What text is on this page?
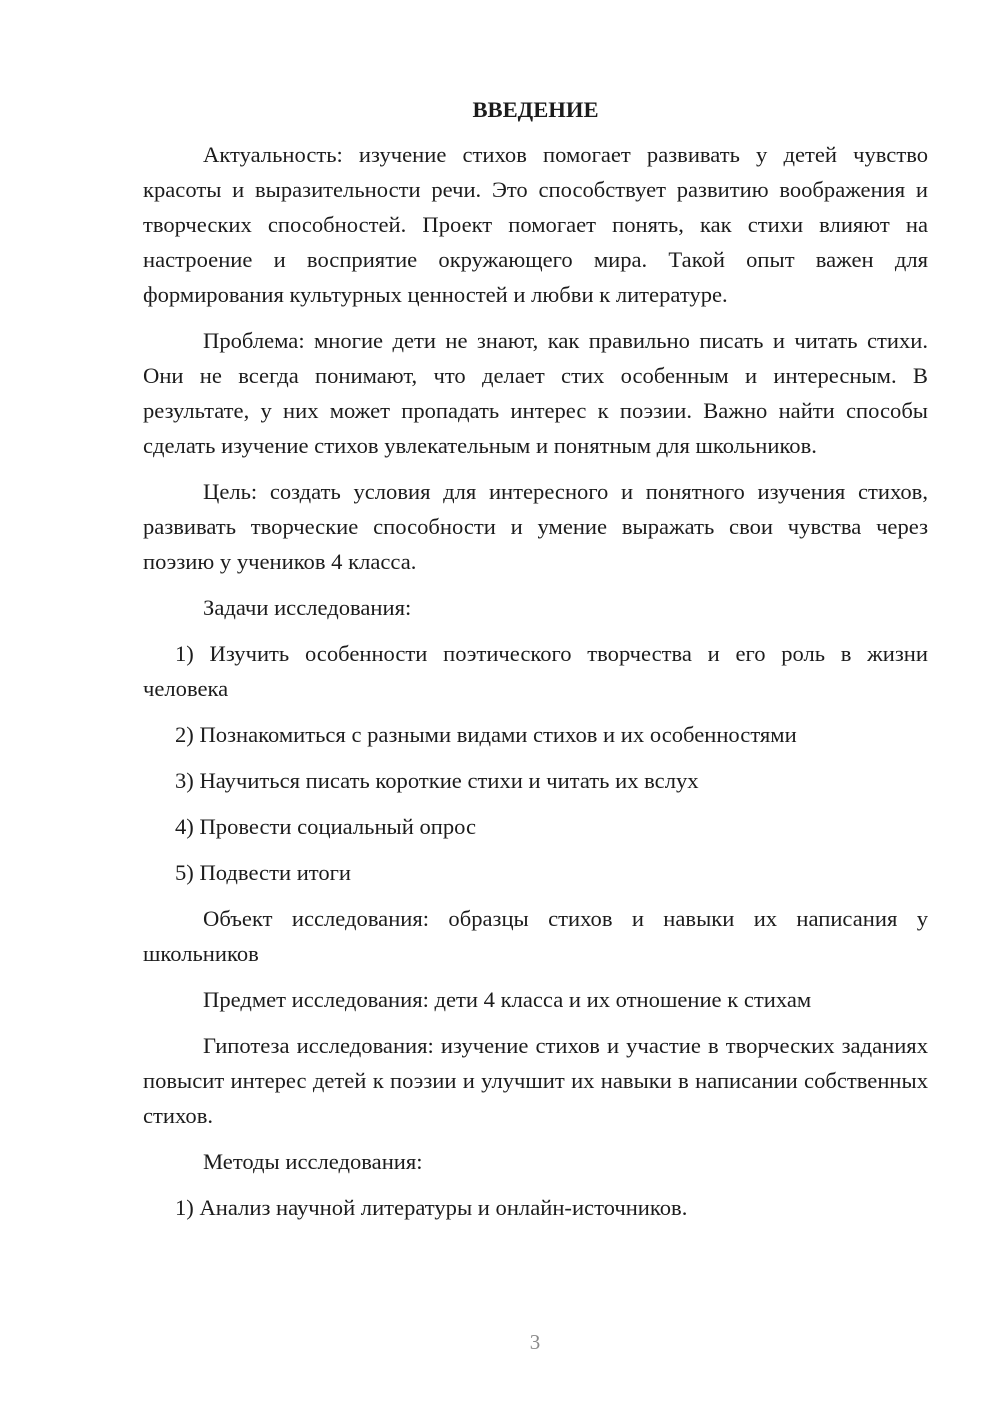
ВВЕДЕНИЕ

Актуальность: изучение стихов помогает развивать у детей чувство красоты и выразительности речи. Это способствует развитию воображения и творческих способностей. Проект помогает понять, как стихи влияют на настроение и восприятие окружающего мира. Такой опыт важен для формирования культурных ценностей и любви к литературе.

Проблема: многие дети не знают, как правильно писать и читать стихи. Они не всегда понимают, что делает стих особенным и интересным. В результате, у них может пропадать интерес к поэзии. Важно найти способы сделать изучение стихов увлекательным и понятным для школьников.

Цель: создать условия для интересного и понятного изучения стихов, развивать творческие способности и умение выражать свои чувства через поэзию у учеников 4 класса.

Задачи исследования:

1) Изучить особенности поэтического творчества и его роль в жизни человека

2) Познакомиться с разными видами стихов и их особенностями

3) Научиться писать короткие стихи и читать их вслух

4) Провести социальный опрос

5) Подвести итоги

Объект исследования: образцы стихов и навыки их написания у школьников

Предмет исследования: дети 4 класса и их отношение к стихам

Гипотеза исследования: изучение стихов и участие в творческих заданиях повысит интерес детей к поэзии и улучшит их навыки в написании собственных стихов.

Методы исследования:

1) Анализ научной литературы и онлайн-источников.

3
